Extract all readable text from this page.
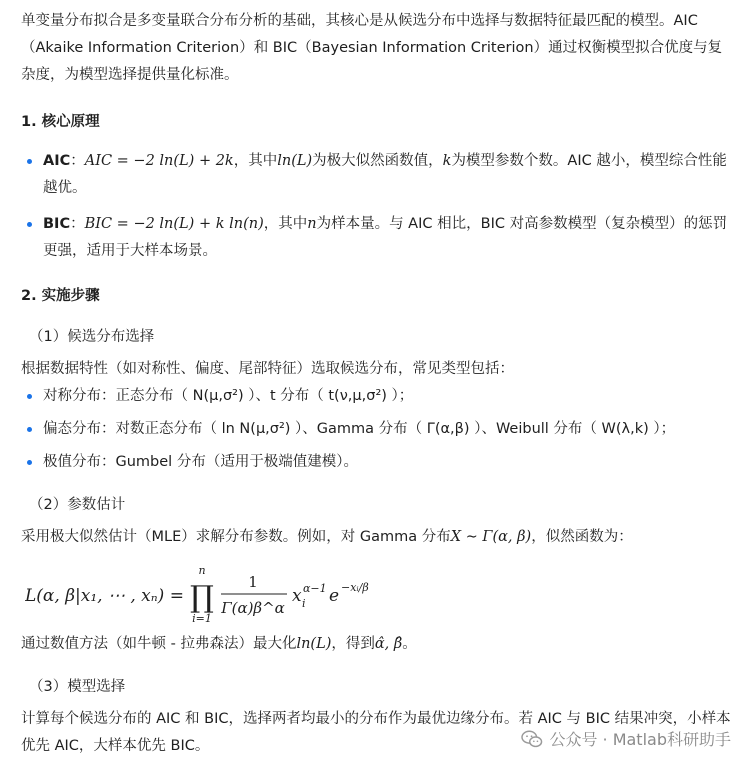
单变量分布拟合是多变量联合分布分析的基础，其核心是从候选分布中选择与数据特征最匹配的模型。AIC（Akaike Information Criterion）和 BIC（Bayesian Information Criterion）通过权衡模型拟合优度与复杂度，为模型选择提供量化标准。

1. 核心原理
AIC：AIC = −2 ln(L) + 2k，其中ln(L)为极大似然函数值，k为模型参数个数。AIC 越小，模型综合性能越优。
BIC：BIC = −2 ln(L) + k ln(n)，其中n为样本量。与 AIC 相比，BIC 对高参数模型（复杂模型）的惩罚更强，适用于大样本场景。
2. 实施步骤
（1）候选分布选择

根据数据特性（如对称性、偏度、尾部特征）选取候选分布，常见类型包括：

对称分布：正态分布（ N(μ,σ²) ）、t 分布（ t(ν,μ,σ²) ）；
偏态分布：对数正态分布（ ln N(μ,σ²) ）、Gamma 分布（ Γ(α,β) ）、Weibull 分布（ W(λ,k) ）；
极值分布：Gumbel 分布（适用于极端值建模）。
（2）参数估计

采用极大似然估计（MLE）求解分布参数。例如，对 Gamma 分布X ∼ Γ(α, β)，似然函数为：

L(α, β|x₁, ⋯ , xₙ) =
n
∏
i=1
1
Γ(α)β^α
x α−1
i e −xᵢ/β

通过数值方法（如牛顿 - 拉弗森法）最大化ln(L)，得到α̂, β̂。

（3）模型选择

计算每个候选分布的 AIC 和 BIC，选择两者均最小的分布作为最优边缘分布。若 AIC 与 BIC 结果冲突，小样本优先 AIC，大样本优先 BIC。	公众号 · Matlab科研助手
